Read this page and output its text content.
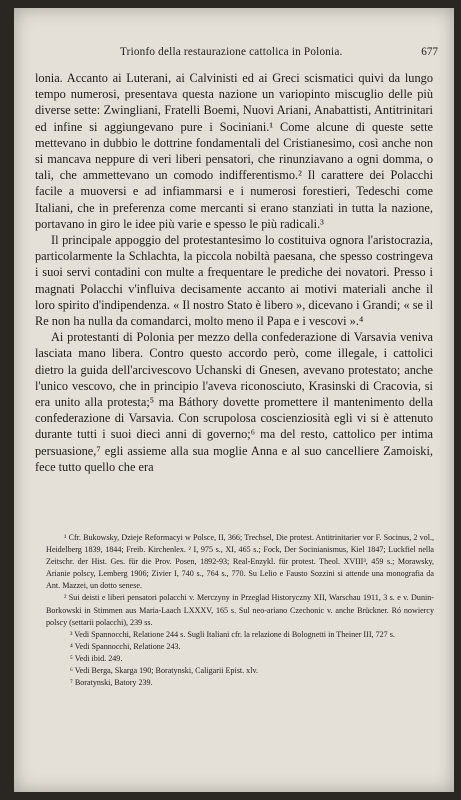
Trionfo della restaurazione cattolica in Polonia.	677

lonia. Accanto ai Luterani, ai Calvinisti ed ai Greci scismatici quivi da lungo tempo numerosi, presentava questa nazione un variopinto miscuglio delle più diverse sette: Zwingliani, Fratelli Boemi, Nuovi Ariani, Anabattisti, Antitrinitari ed infine si aggiungevano pure i Sociniani.¹ Come alcune di queste sette mettevano in dubbio le dottrine fondamentali del Cristianesimo, così anche non si mancava neppure di veri liberi pensatori, che rinunziavano a ogni domma, o tali, che ammettevano un comodo indifferentismo.² Il carattere dei Polacchi facile a muoversi e ad infiammarsi e i numerosi forestieri, Tedeschi come Italiani, che in preferenza come mercanti si erano stanziati in tutta la nazione, portavano in giro le idee più varie e spesso le più radicali.³

Il principale appoggio del protestantesimo lo costituiva ognora l'aristocrazia, particolarmente la Schlachta, la piccola nobiltà paesana, che spesso costringeva i suoi servi contadini con multe a frequentare le prediche dei novatori. Presso i magnati Polacchi v'influiva decisamente accanto ai motivi materiali anche il loro spirito d'indipendenza. « Il nostro Stato è libero », dicevano i Grandi; « se il Re non ha nulla da comandarci, molto meno il Papa e i vescovi ».⁴

Ai protestanti di Polonia per mezzo della confederazione di Varsavia veniva lasciata mano libera. Contro questo accordo però, come illegale, i cattolici dietro la guida dell'arcivescovo Uchanski di Gnesen, avevano protestato; anche l'unico vescovo, che in principio l'aveva riconosciuto, Krasinski di Cracovia, si era unito alla protesta;⁵ ma Báthory dovette promettere il mantenimento della confederazione di Varsavia. Con scrupolosa coscienziosità egli vi si è attenuto durante tutti i suoi dieci anni di governo;⁶ ma del resto, cattolico per intima persuasione,⁷ egli assieme alla sua moglie Anna e al suo cancelliere Zamoiski, fece tutto quello che era

¹ Cfr. Bukowsky, Dzieje Reformacyi w Polsce, II, 366; Trechsel, Die protest. Antitrinitarier vor F. Socinus, 2 vol., Heidelberg 1839, 1844; Freib. Kirchenlex. ² I, 975 s., XI, 465 s.; Fock, Der Socinianismus, Kiel 1847; Luckfiel nella Zeitschr. der Hist. Ges. für die Prov. Posen, 1892-93; Real-Enzykl. für protest. Theol. XVIII³, 459 s.; Morawsky, Arianie polscy, Lemberg 1906; Zivier I, 740 s., 764 s., 770. Su Lelio e Fausto Sozzini si attende una monografia da Ant. Mazzei, un dotto senese.

² Sui deisti e liberi pensatori polacchi v. Merczyny in Przeglad Historyczny XII, Warschau 1911, 3 s. e v. Dunin-Borkowski in Stimmen aus Maria-Laach LXXXV, 165 s. Sul neo-ariano Czechonic v. anche Brückner. Ró nowiercy polscy (settarii polacchi), 239 ss.

³ Vedi Spannocchi, Relatione 244 s. Sugli Italiani cfr. la relazione di Bolognetti in Theiner III, 727 s.

⁴ Vedi Spannocchi, Relatione 243.

⁵ Vedi ibid. 249.

⁶ Vedi Berga, Skarga 190; Boratynski, Caligarii Epist. xlv.

⁷ Boratynski, Batory 239.
